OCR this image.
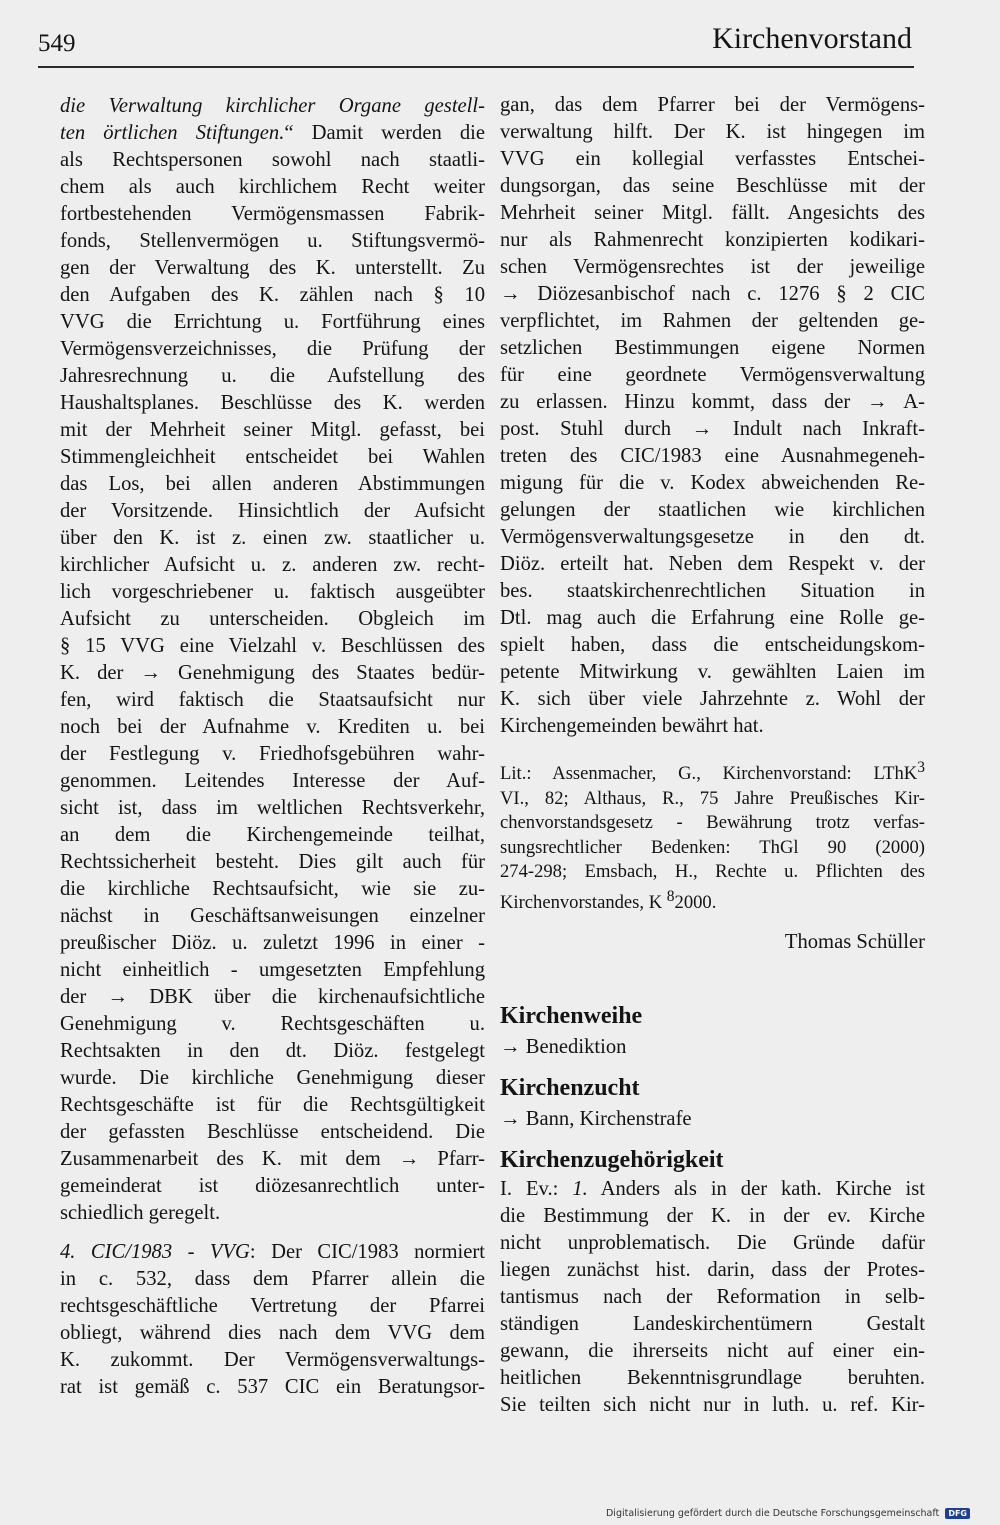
549	Kirchenvorstand
die Verwaltung kirchlicher Organe gestell-
ten örtlichen Stiftungen.“ Damit werden die
als Rechtspersonen sowohl nach staatli-
chem als auch kirchlichem Recht weiter
fortbestehenden Vermögensmassen Fabrik-
fonds, Stellenvermögen u. Stiftungsvermö-
gen der Verwaltung des K. unterstellt. Zu
den Aufgaben des K. zählen nach § 10
VVG die Errichtung u. Fortführung eines
Vermögensverzeichnisses, die Prüfung der
Jahresrechnung u. die Aufstellung des
Haushaltsplanes. Beschlüsse des K. werden
mit der Mehrheit seiner Mitgl. gefasst, bei
Stimmengleichheit entscheidet bei Wahlen
das Los, bei allen anderen Abstimmungen
der Vorsitzende. Hinsichtlich der Aufsicht
über den K. ist z. einen zw. staatlicher u.
kirchlicher Aufsicht u. z. anderen zw. recht-
lich vorgeschriebener u. faktisch ausgeübter
Aufsicht zu unterscheiden. Obgleich im
§ 15 VVG eine Vielzahl v. Beschlüssen des
K. der → Genehmigung des Staates bedür-
fen, wird faktisch die Staatsaufsicht nur
noch bei der Aufnahme v. Krediten u. bei
der Festlegung v. Friedhofsgebühren wahr-
genommen. Leitendes Interesse der Auf-
sicht ist, dass im weltlichen Rechtsverkehr,
an dem die Kirchengemeinde teilhat,
Rechtssicherheit besteht. Dies gilt auch für
die kirchliche Rechtsaufsicht, wie sie zu-
nächst in Geschäftsanweisungen einzelner
preußischer Diöz. u. zuletzt 1996 in einer -
nicht einheitlich - umgesetzten Empfehlung
der → DBK über die kirchenaufsichtliche
Genehmigung v. Rechtsgeschäften u.
Rechtsakten in den dt. Diöz. festgelegt
wurde. Die kirchliche Genehmigung dieser
Rechtsgeschäfte ist für die Rechtsgültigkeit
der gefassten Beschlüsse entscheidend. Die
Zusammenarbeit des K. mit dem → Pfarr-
gemeinderat ist diözesanrechtlich unter-
schiedlich geregelt.
4. CIC/1983 - VVG: Der CIC/1983 normiert
in c. 532, dass dem Pfarrer allein die
rechtsgeschäftliche Vertretung der Pfarrei
obliegt, während dies nach dem VVG dem
K. zukommt. Der Vermögensverwaltungs-
rat ist gemäß c. 537 CIC ein Beratungsor-
gan, das dem Pfarrer bei der Vermögens-
verwaltung hilft. Der K. ist hingegen im
VVG ein kollegial verfasstes Entschei-
dungsorgan, das seine Beschlüsse mit der
Mehrheit seiner Mitgl. fällt. Angesichts des
nur als Rahmenrecht konzipierten kodikari-
schen Vermögensrechtes ist der jeweilige
→ Diözesanbischof nach c. 1276 § 2 CIC
verpflichtet, im Rahmen der geltenden ge-
setzlichen Bestimmungen eigene Normen
für eine geordnete Vermögensverwaltung
zu erlassen. Hinzu kommt, dass der → A-
post. Stuhl durch → Indult nach Inkraft-
treten des CIC/1983 eine Ausnahmegeneh-
migung für die v. Kodex abweichenden Re-
gelungen der staatlichen wie kirchlichen
Vermögensverwaltungsgesetze in den dt.
Diöz. erteilt hat. Neben dem Respekt v. der
bes. staatskirchenrechtlichen Situation in
Dtl. mag auch die Erfahrung eine Rolle ge-
spielt haben, dass die entscheidungskom-
petente Mitwirkung v. gewählten Laien im
K. sich über viele Jahrzehnte z. Wohl der
Kirchengemeinden bewährt hat.
Lit.: Assenmacher, G., Kirchenvorstand: LThK$^3$
VI., 82; Althaus, R., 75 Jahre Preußisches Kir-
chenvorstandsgesetz - Bewährung trotz verfas-
sungsrechtlicher Bedenken: ThGl 90 (2000)
274-298; Emsbach, H., Rechte u. Pflichten des
Kirchenvorstandes, K $^8$2000.
Thomas Schüller
Kirchenweihe
→ Benediktion
Kirchenzucht
→ Bann, Kirchenstrafe
Kirchenzugehörigkeit
I. Ev.: 1. Anders als in der kath. Kirche ist
die Bestimmung der K. in der ev. Kirche
nicht unproblematisch. Die Gründe dafür
liegen zunächst hist. darin, dass der Protes-
tantismus nach der Reformation in selb-
ständigen Landeskirchentümern Gestalt
gewann, die ihrerseits nicht auf einer ein-
heitlichen Bekenntnisgrundlage beruhten.
Sie teilten sich nicht nur in luth. u. ref. Kir-
Digitalisierung gefördert durch die Deutsche Forschungsgemeinschaft DFG
